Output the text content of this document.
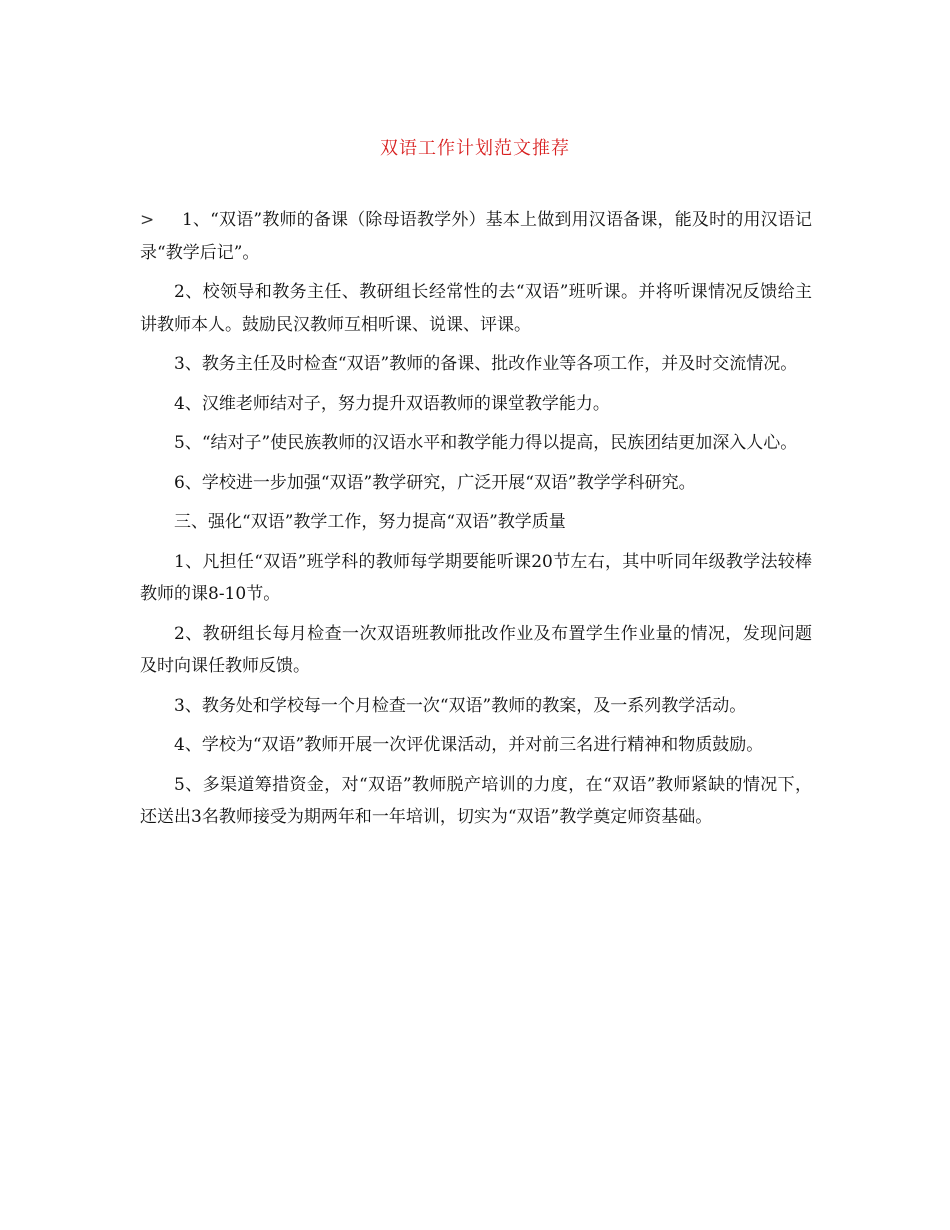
双语工作计划范文推荐

> 1、“双语”教师的备课（除母语教学外）基本上做到用汉语备课，能及时的用汉语记录“教学后记”。

2、校领导和教务主任、教研组长经常性的去“双语”班听课。并将听课情况反馈给主讲教师本人。鼓励民汉教师互相听课、说课、评课。

3、教务主任及时检查“双语”教师的备课、批改作业等各项工作，并及时交流情况。

4、汉维老师结对子，努力提升双语教师的课堂教学能力。

5、“结对子”使民族教师的汉语水平和教学能力得以提高，民族团结更加深入人心。

6、学校进一步加强“双语”教学研究，广泛开展“双语”教学学科研究。

三、强化“双语”教学工作，努力提高“双语”教学质量

1、凡担任“双语”班学科的教师每学期要能听课20节左右，其中听同年级教学法较棒教师的课8-10节。

2、教研组长每月检查一次双语班教师批改作业及布置学生作业量的情况，发现问题及时向课任教师反馈。

3、教务处和学校每一个月检查一次“双语”教师的教案，及一系列教学活动。

4、学校为“双语”教师开展一次评优课活动，并对前三名进行精神和物质鼓励。

5、多渠道筹措资金，对“双语”教师脱产培训的力度，在“双语”教师紧缺的情况下，还送出3名教师接受为期两年和一年培训，切实为“双语”教学奠定师资基础。
